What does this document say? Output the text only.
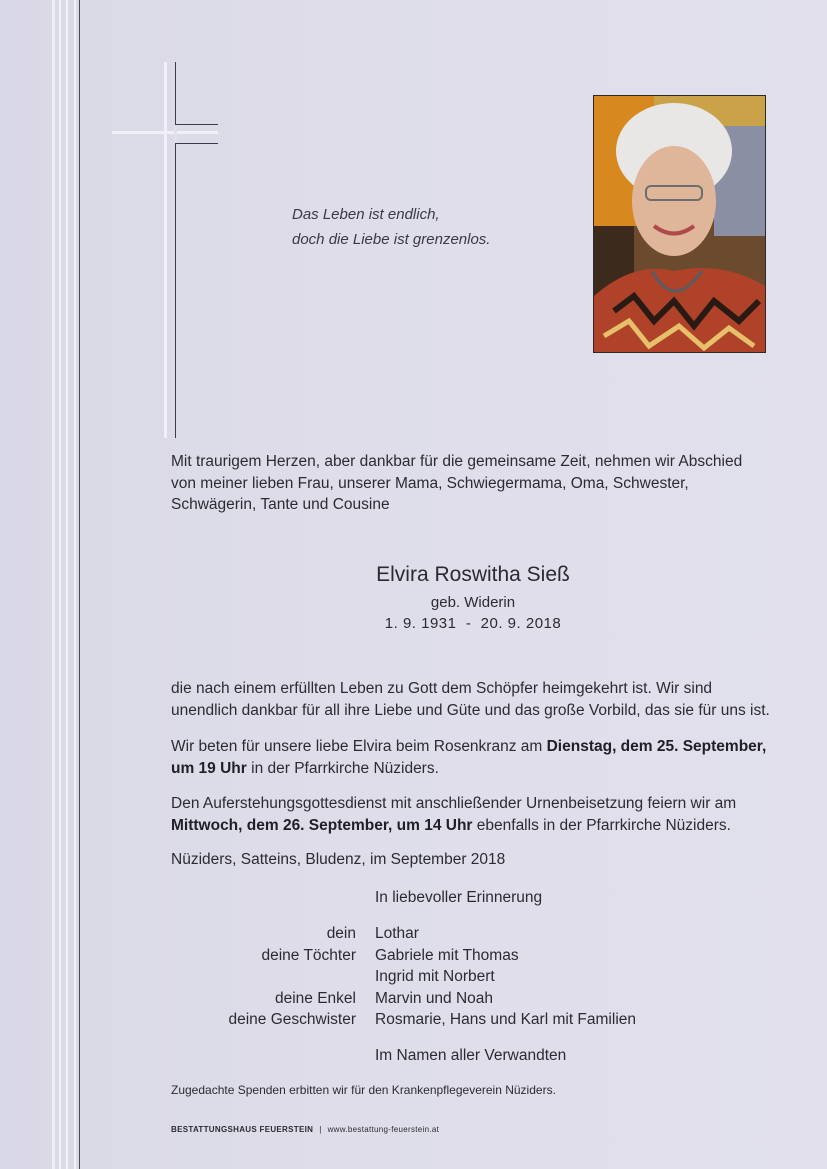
Das Leben ist endlich,
doch die Liebe ist grenzenlos.
Mit traurigem Herzen, aber dankbar für die gemeinsame Zeit, nehmen wir Abschied von meiner lieben Frau, unserer Mama, Schwiegermama, Oma, Schwester, Schwägerin, Tante und Cousine
Elvira Roswitha Sieß
geb. Widerin
1. 9. 1931  -  20. 9. 2018
die nach einem erfüllten Leben zu Gott dem Schöpfer heimgekehrt ist. Wir sind unendlich dankbar für all ihre Liebe und Güte und das große Vorbild, das sie für uns ist.
Wir beten für unsere liebe Elvira beim Rosenkranz am Dienstag, dem 25. September, um 19 Uhr in der Pfarrkirche Nüziders.
Den Auferstehungsgottesdienst mit anschließender Urnenbeisetzung feiern wir am Mittwoch, dem 26. September, um 14 Uhr ebenfalls in der Pfarrkirche Nüziders.
Nüziders, Satteins, Bludenz, im September 2018
In liebevoller Erinnerung
dein Lothar
deine Töchter Gabriele mit Thomas
Ingrid mit Norbert
deine Enkel Marvin und Noah
deine Geschwister Rosmarie, Hans und Karl mit Familien
Im Namen aller Verwandten
Zugedachte Spenden erbitten wir für den Krankenpflegeverein Nüziders.
BESTATTUNGSHAUS FEUERSTEIN | www.bestattung-feuerstein.at
